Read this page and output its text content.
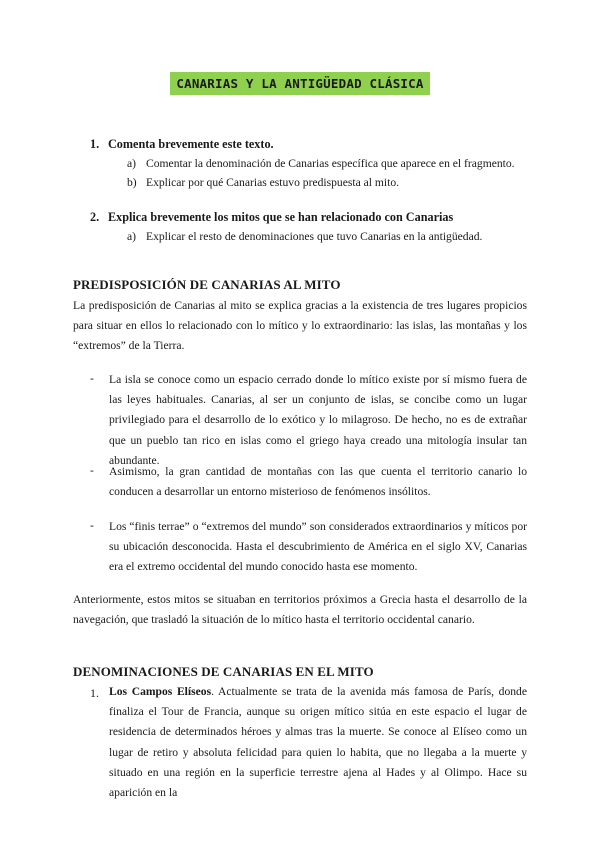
CANARIAS Y LA ANTIGÜEDAD CLÁSICA
1. Comenta brevemente este texto.
a) Comentar la denominación de Canarias específica que aparece en el fragmento.
b) Explicar por qué Canarias estuvo predispuesta al mito.
2. Explica brevemente los mitos que se han relacionado con Canarias
a) Explicar el resto de denominaciones que tuvo Canarias en la antigüedad.
PREDISPOSICIÓN DE CANARIAS AL MITO
La predisposición de Canarias al mito se explica gracias a la existencia de tres lugares propicios para situar en ellos lo relacionado con lo mítico y lo extraordinario: las islas, las montañas y los “extremos” de la Tierra.
- La isla se conoce como un espacio cerrado donde lo mítico existe por sí mismo fuera de las leyes habituales. Canarias, al ser un conjunto de islas, se concibe como un lugar privilegiado para el desarrollo de lo exótico y lo milagroso. De hecho, no es de extrañar que un pueblo tan rico en islas como el griego haya creado una mitología insular tan abundante.
- Asimismo, la gran cantidad de montañas con las que cuenta el territorio canario lo conducen a desarrollar un entorno misterioso de fenómenos insólitos.
- Los “finis terrae” o “extremos del mundo” son considerados extraordinarios y míticos por su ubicación desconocida. Hasta el descubrimiento de América en el siglo XV, Canarias era el extremo occidental del mundo conocido hasta ese momento.
Anteriormente, estos mitos se situaban en territorios próximos a Grecia hasta el desarrollo de la navegación, que trasladó la situación de lo mítico hasta el territorio occidental canario.
DENOMINACIONES DE CANARIAS EN EL MITO
1. Los Campos Elíseos. Actualmente se trata de la avenida más famosa de París, donde finaliza el Tour de Francia, aunque su origen mítico sitúa en este espacio el lugar de residencia de determinados héroes y almas tras la muerte. Se conoce al Elíseo como un lugar de retiro y absoluta felicidad para quien lo habita, que no llegaba a la muerte y situado en una región en la superficie terrestre ajena al Hades y al Olimpo. Hace su aparición en la
